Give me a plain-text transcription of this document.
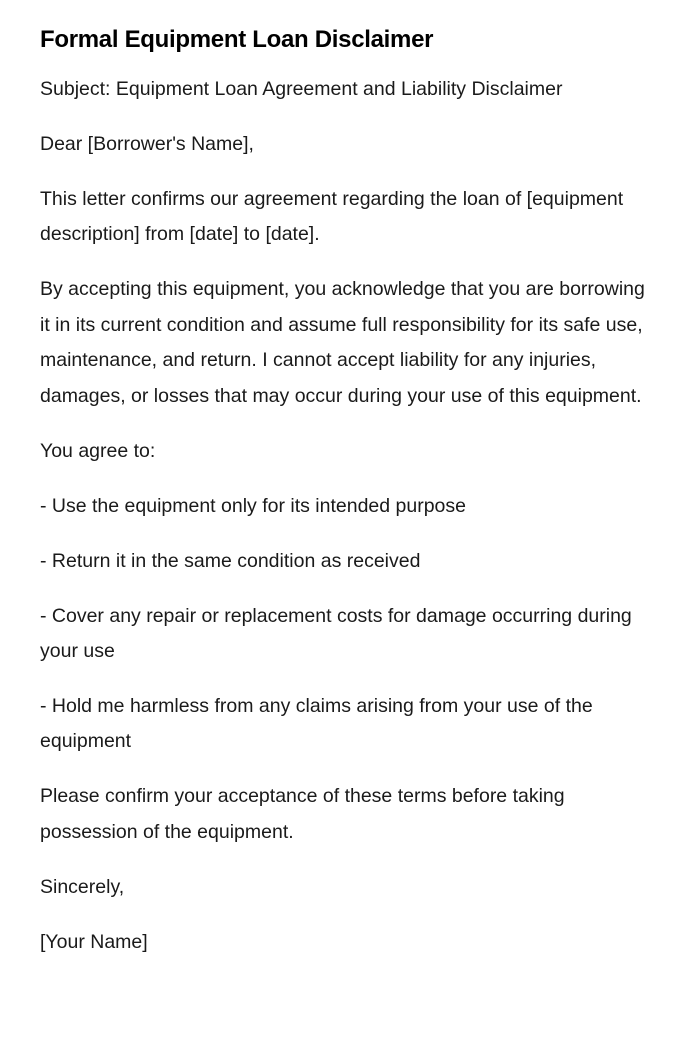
Formal Equipment Loan Disclaimer

Subject: Equipment Loan Agreement and Liability Disclaimer

Dear [Borrower's Name],

This letter confirms our agreement regarding the loan of [equipment description] from [date] to [date].

By accepting this equipment, you acknowledge that you are borrowing it in its current condition and assume full responsibility for its safe use, maintenance, and return. I cannot accept liability for any injuries, damages, or losses that may occur during your use of this equipment.

You agree to:

- Use the equipment only for its intended purpose

- Return it in the same condition as received

- Cover any repair or replacement costs for damage occurring during your use

- Hold me harmless from any claims arising from your use of the equipment

Please confirm your acceptance of these terms before taking possession of the equipment.

Sincerely,

[Your Name]
